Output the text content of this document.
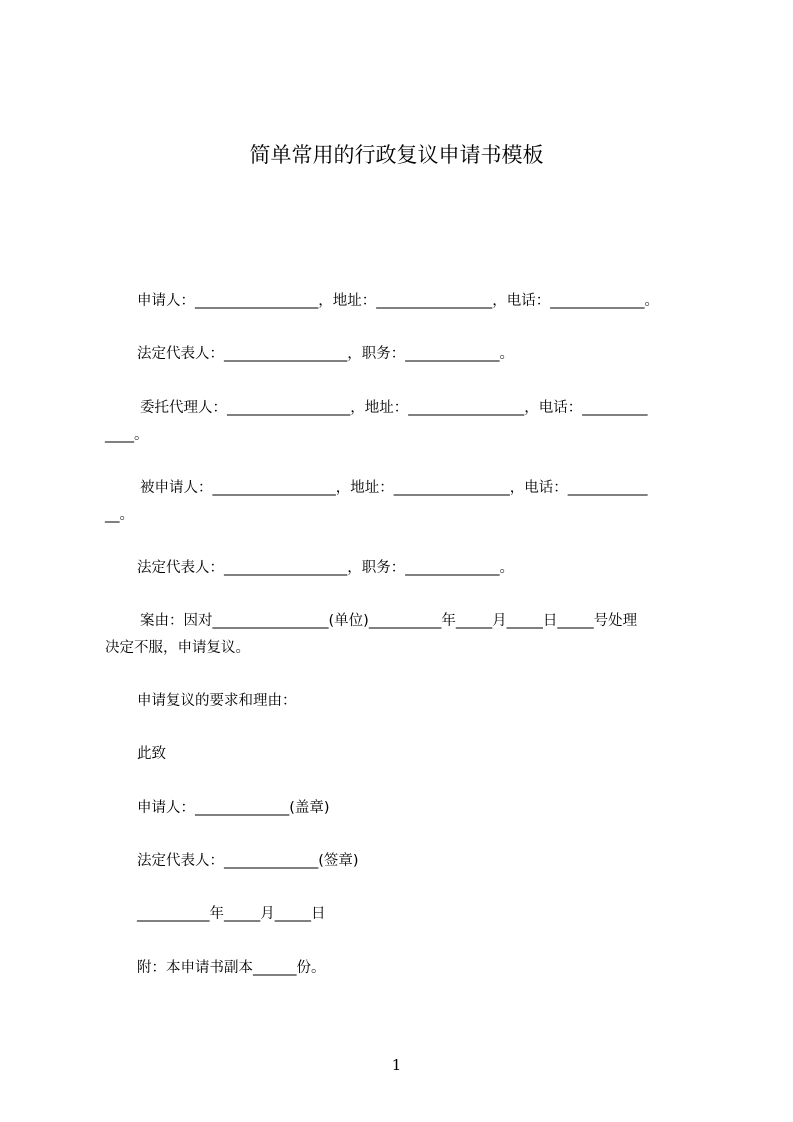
简单常用的行政复议申请书模板
申请人：_________________，地址：________________，电话：_____________。
法定代表人：_________________，职务：_____________。
委托代理人：_________________，地址：________________，电话：_________
____。
被申请人：_________________，地址：________________，电话：___________
__。
法定代表人：_________________，职务：_____________。
案由：因对________________(单位)__________年_____月_____日_____号处理
决定不服，申请复议。
申请复议的要求和理由：
此致
申请人：_____________(盖章)
法定代表人：_____________(签章)
__________年_____月_____日
附：本申请书副本______份。
1
